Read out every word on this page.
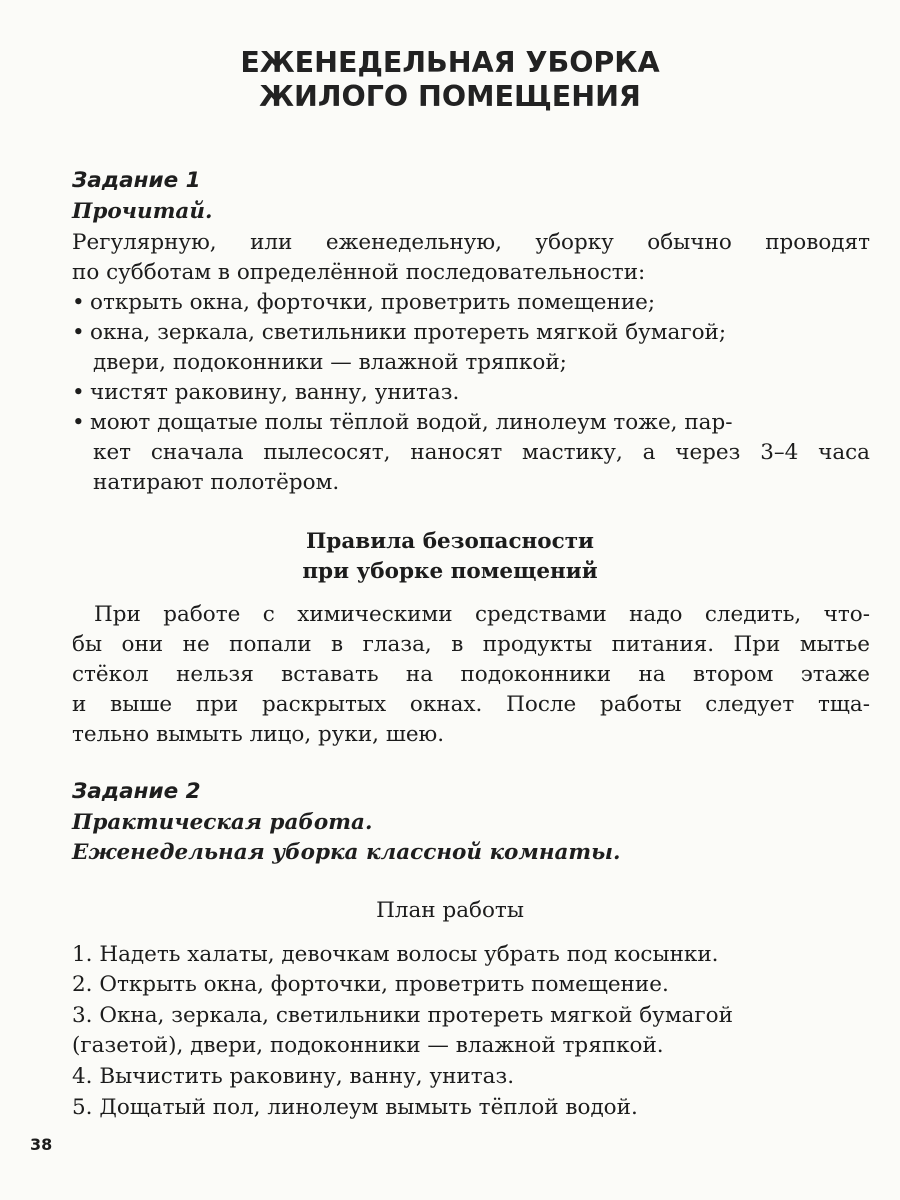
ЕЖЕНЕДЕЛЬНАЯ УБОРКА
ЖИЛОГО ПОМЕЩЕНИЯ
Задание 1
Прочитай.
Регулярную, или еженедельную, уборку обычно проводят
по субботам в определённой последовательности:
• открыть окна, форточки, проветрить помещение;
• окна, зеркала, светильники протереть мягкой бумагой;
двери, подоконники — влажной тряпкой;
• чистят раковину, ванну, унитаз.
• моют дощатые полы тёплой водой, линолеум тоже, пар-
кет сначала пылесосят, наносят мастику, а через 3–4 часа
натирают полотёром.
Правила безопасности
при уборке помещений
При работе с химическими средствами надо следить, что-
бы они не попали в глаза, в продукты питания. При мытье
стёкол нельзя вставать на подоконники на втором этаже
и выше при раскрытых окнах. После работы следует тща-
тельно вымыть лицо, руки, шею.
Задание 2
Практическая работа.
Еженедельная уборка классной комнаты.
План работы
1. Надеть халаты, девочкам волосы убрать под косынки.
2. Открыть окна, форточки, проветрить помещение.
3. Окна, зеркала, светильники протереть мягкой бумагой
(газетой), двери, подоконники — влажной тряпкой.
4. Вычистить раковину, ванну, унитаз.
5. Дощатый пол, линолеум вымыть тёплой водой.
38
